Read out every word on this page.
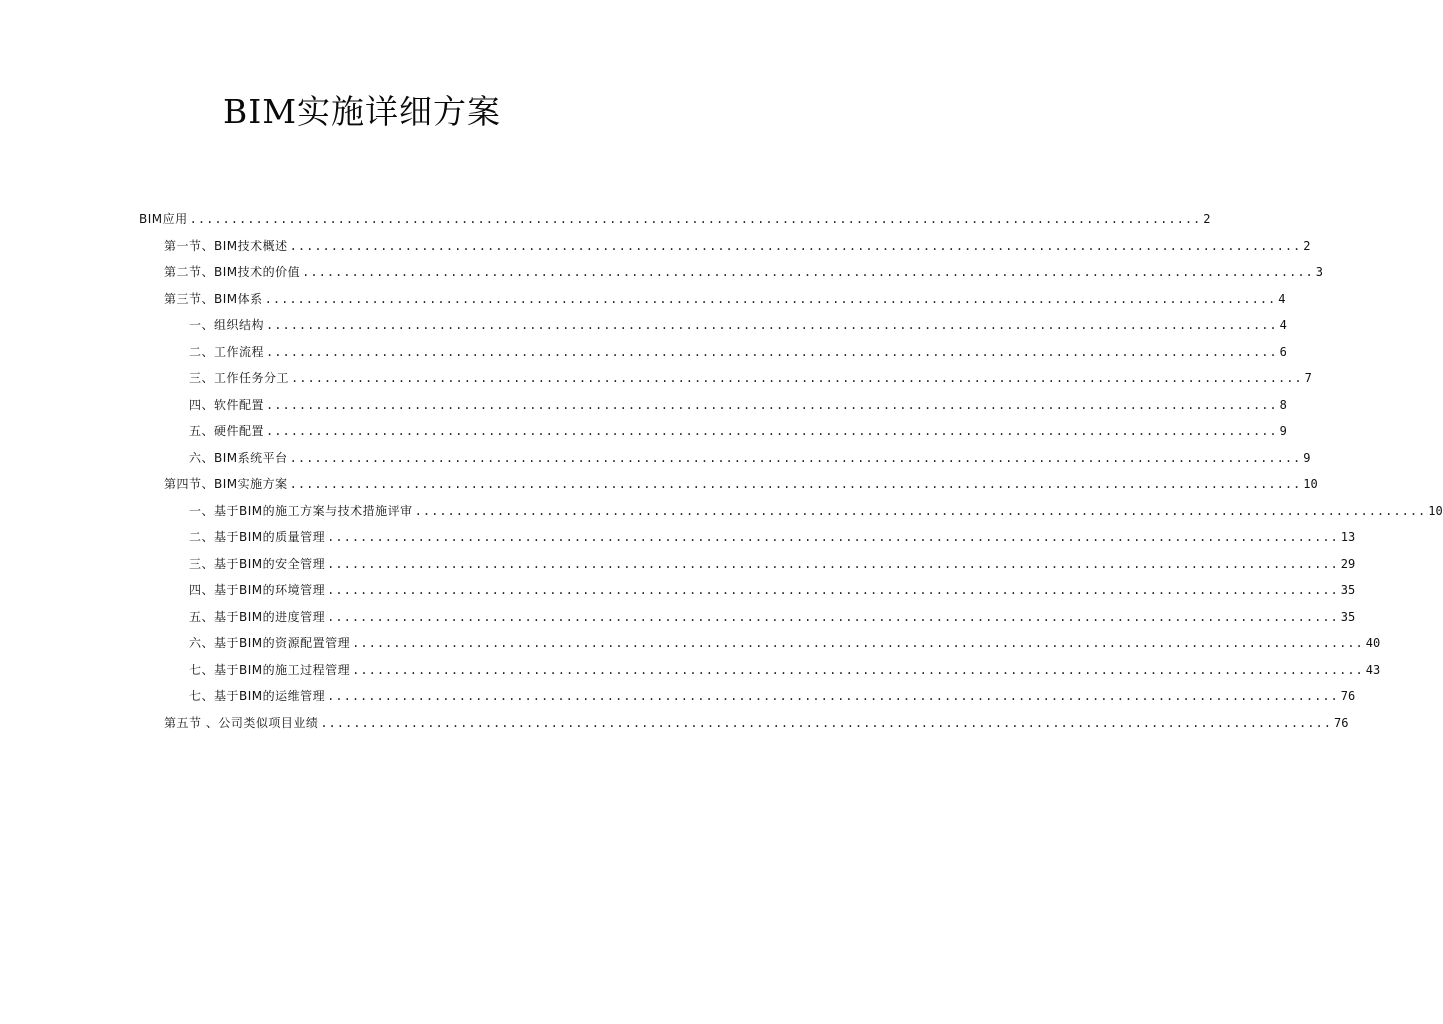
BIM实施详细方案
BIM应用 ........................................................................................................................... 2
第一节、BIM技术概述 ........................................................................................................................... 2
第二节、BIM技术的价值 ........................................................................................................................... 3
第三节、BIM体系 ........................................................................................................................... 4
一、组织结构 ........................................................................................................................... 4
二、工作流程 ........................................................................................................................... 6
三、工作任务分工 ........................................................................................................................... 7
四、软件配置 ........................................................................................................................... 8
五、硬件配置 ........................................................................................................................... 9
六、BIM系统平台 ........................................................................................................................... 9
第四节、BIM实施方案 ........................................................................................................................... 10
一、基于BIM的施工方案与技术措施评审 ........................................................................................................................... 10
二、基于BIM的质量管理 ........................................................................................................................... 13
三、基于BIM的安全管理 ........................................................................................................................... 29
四、基于BIM的环境管理 ........................................................................................................................... 35
五、基于BIM的进度管理 ........................................................................................................................... 35
六、基于BIM的资源配置管理 ........................................................................................................................... 40
七、基于BIM的施工过程管理 ........................................................................................................................... 43
七、基于BIM的运维管理 ........................................................................................................................... 76
第五节 、公司类似项目业绩 ........................................................................................................................... 76
